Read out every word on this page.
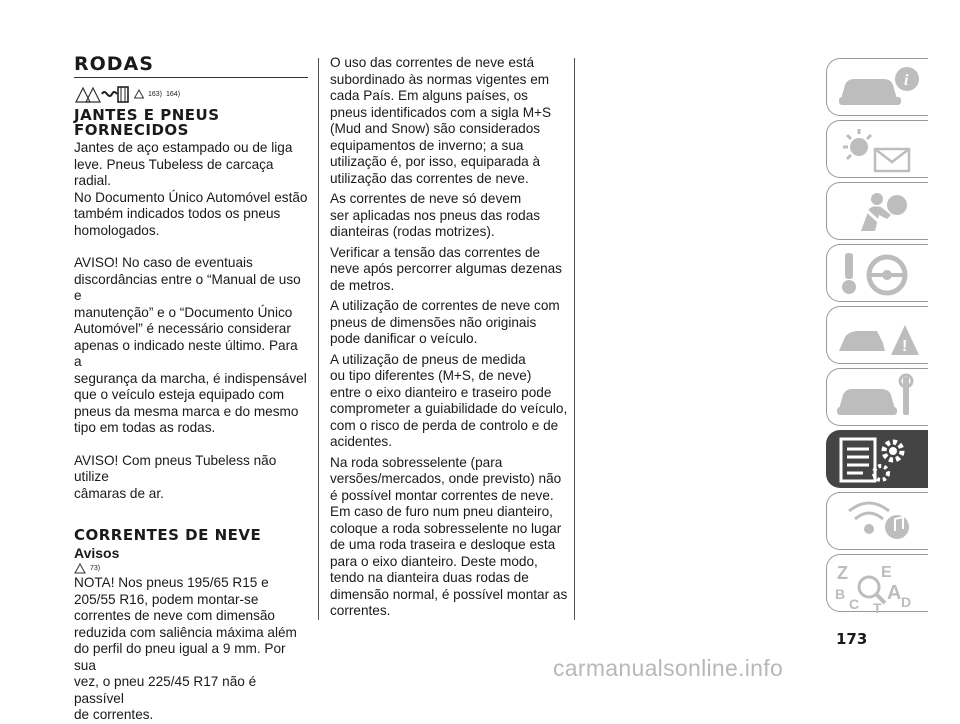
RODAS
163) 164)
JANTES E PNEUS
FORNECIDOS

Jantes de aço estampado ou de liga
leve. Pneus Tubeless de carcaça radial.
No Documento Único Automóvel estão
também indicados todos os pneus
homologados.

AVISO! No caso de eventuais
discordâncias entre o “Manual de uso e
manutenção” e o “Documento Único
Automóvel” é necessário considerar
apenas o indicado neste último. Para a
segurança da marcha, é indispensável
que o veículo esteja equipado com
pneus da mesma marca e do mesmo
tipo em todas as rodas.

AVISO! Com pneus Tubeless não utilize
câmaras de ar.

CORRENTES DE NEVE
Avisos
73)

NOTA! Nos pneus 195/65 R15 e
205/55 R16, podem montar-se
correntes de neve com dimensão
reduzida com saliência máxima além
do perfil do pneu igual a 9 mm. Por sua
vez, o pneu 225/45 R17 não é passível
de correntes.

O uso das correntes de neve está
subordinado às normas vigentes em
cada País. Em alguns países, os
pneus identificados com a sigla M+S
(Mud and Snow) são considerados
equipamentos de inverno; a sua
utilização é, por isso, equiparada à
utilização das correntes de neve.

As correntes de neve só devem
ser aplicadas nos pneus das rodas
dianteiras (rodas motrizes).

Verificar a tensão das correntes de
neve após percorrer algumas dezenas
de metros.

A utilização de correntes de neve com
pneus de dimensões não originais
pode danificar o veículo.

A utilização de pneus de medida
ou tipo diferentes (M+S, de neve)
entre o eixo dianteiro e traseiro pode
comprometer a guiabilidade do veículo,
com o risco de perda de controlo e de
acidentes.

Na roda sobresselente (para
versões/mercados, onde previsto) não
é possível montar correntes de neve.
Em caso de furo num pneu dianteiro,
coloque a roda sobresselente no lugar
de uma roda traseira e desloque esta
para o eixo dianteiro. Deste modo,
tendo na dianteira duas rodas de
dimensão normal, é possível montar as
correntes.

i
!
Z E
B A
C	D
T
173
carmanualsonline.info
